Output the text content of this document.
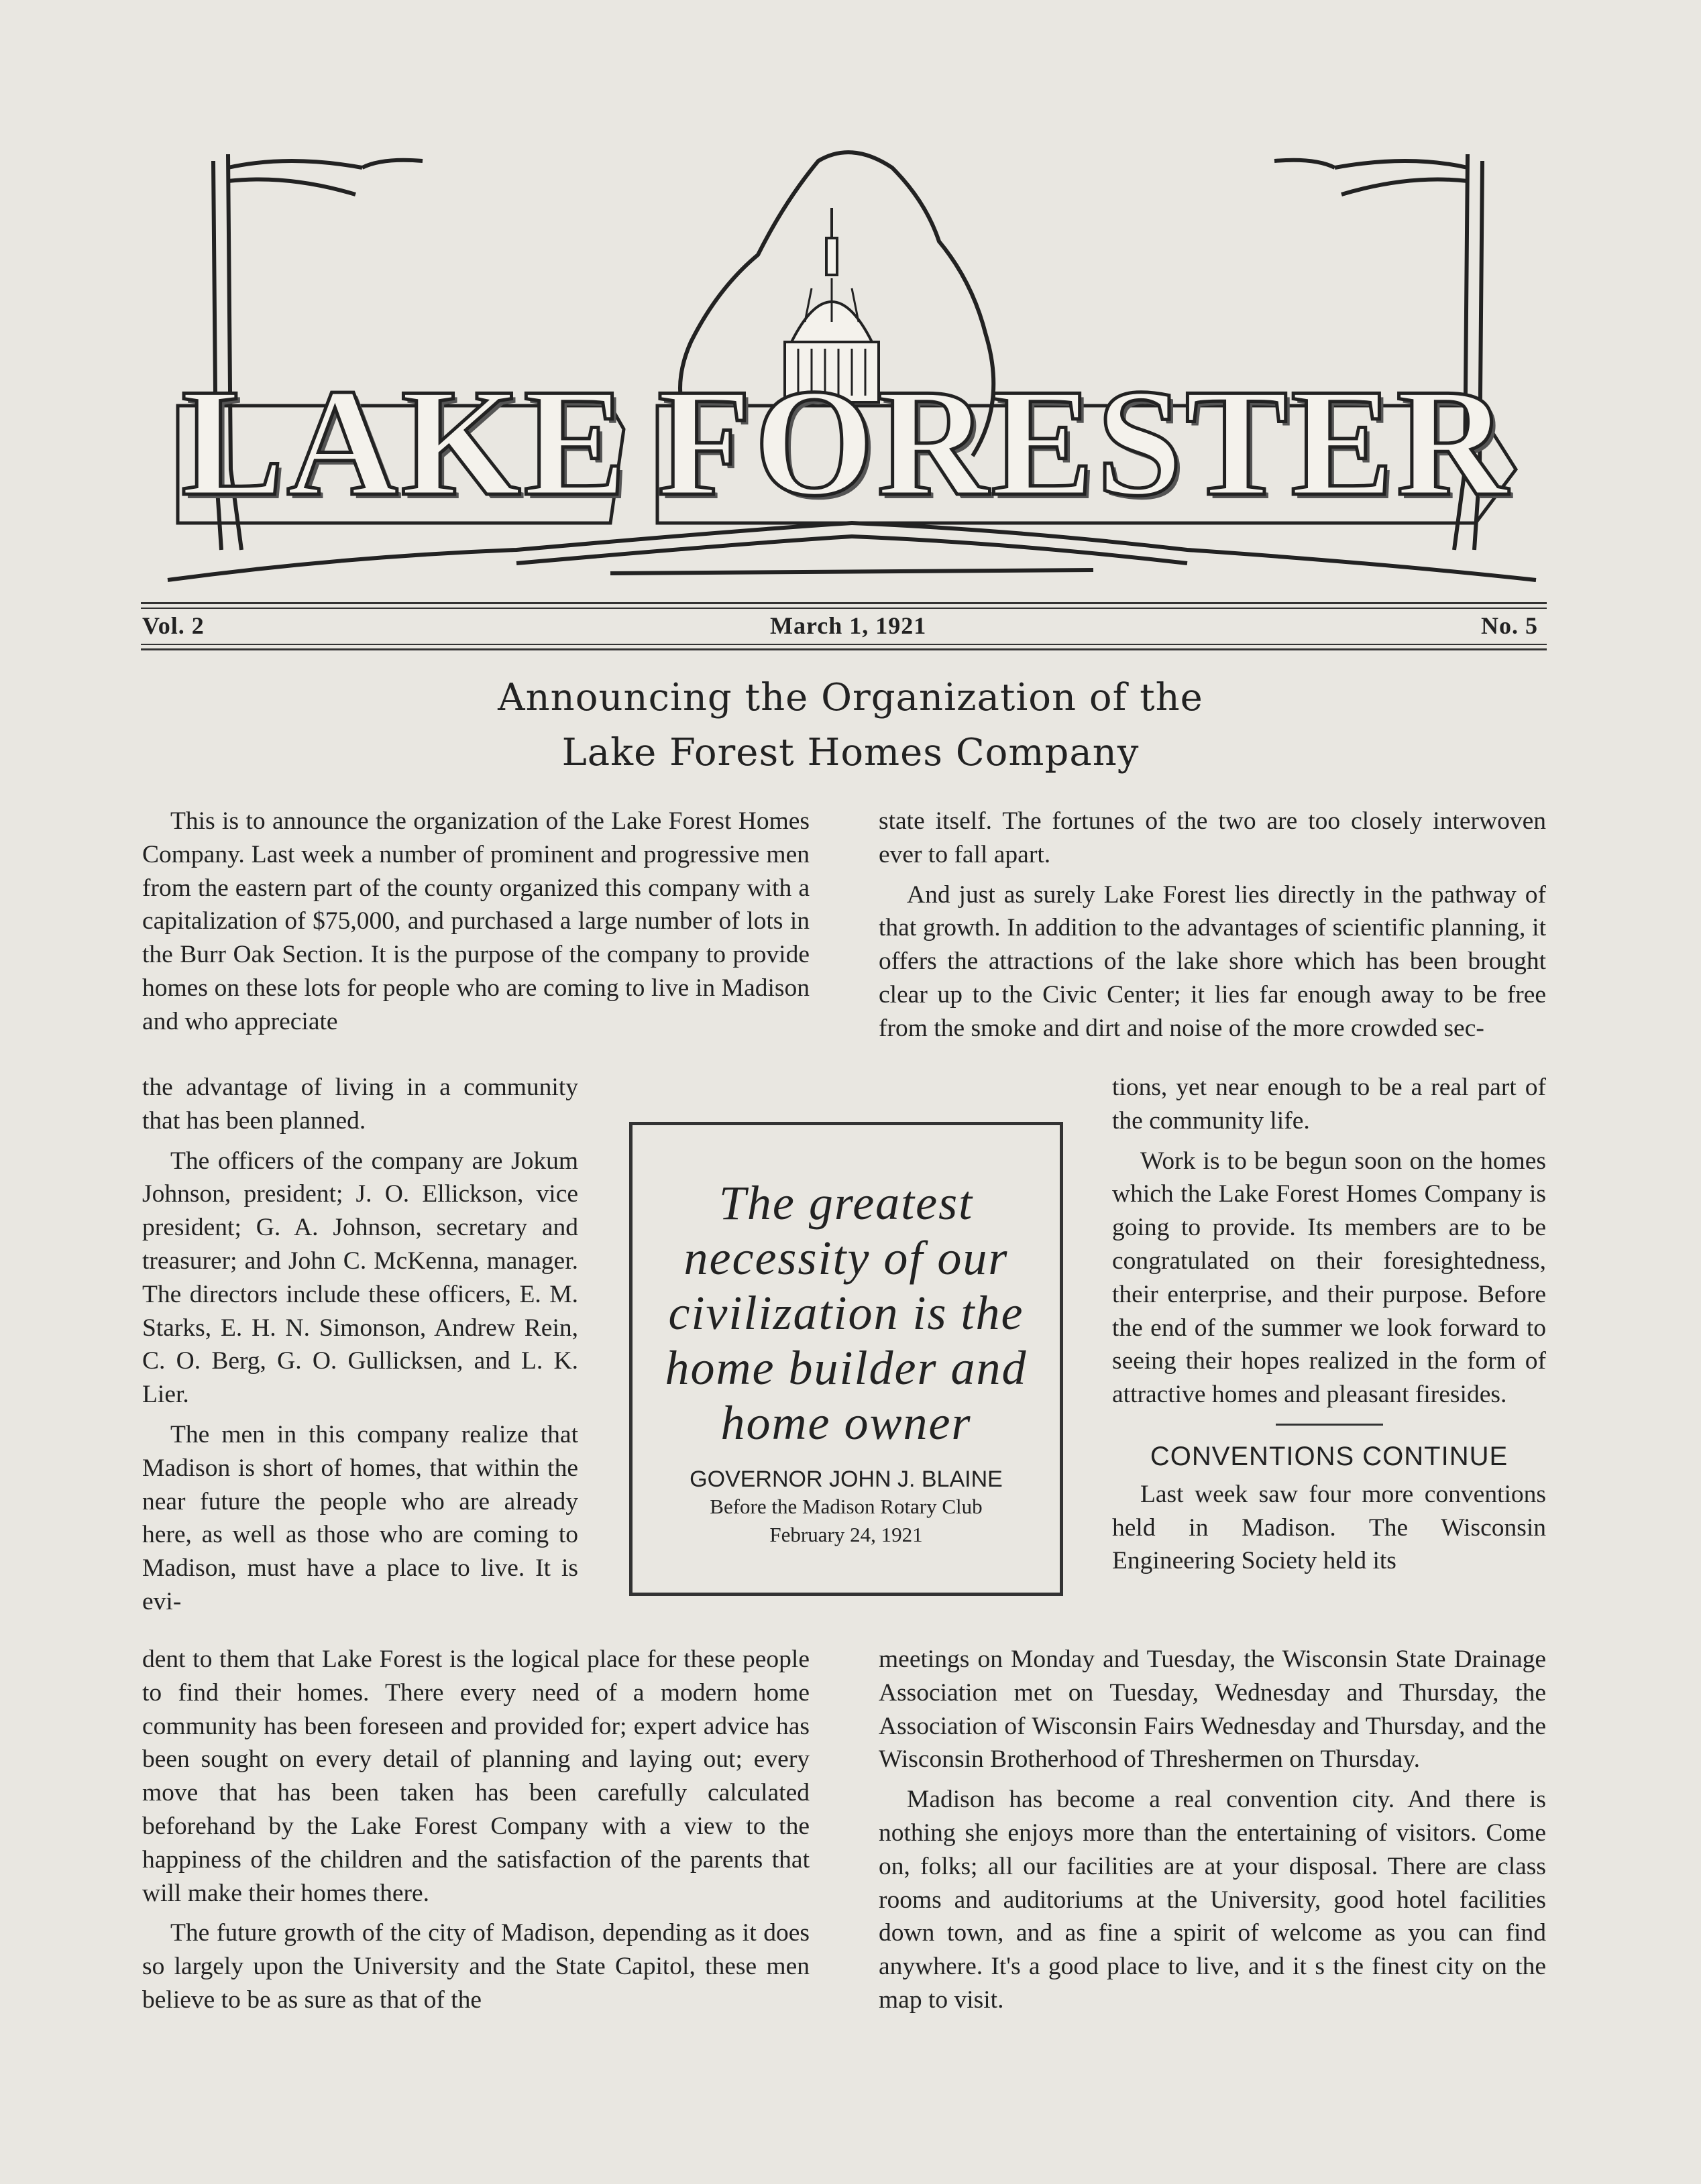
LAKE FORESTER
Vol. 2	March 1, 1921	No. 5
Announcing the Organization of the
Lake Forest Homes Company

This is to announce the organization of the Lake Forest Homes Company. Last week a number of prominent and progressive men from the eastern part of the county organized this company with a capitalization of $75,000, and purchased a large number of lots in the Burr Oak Section. It is the purpose of the company to provide homes on these lots for people who are coming to live in Madison and who appreciate

the advantage of living in a community that has been planned.

The officers of the company are Jokum Johnson, president; J. O. Ellickson, vice president; G. A. Johnson, secretary and treasurer; and John C. McKenna, manager. The directors include these officers, E. M. Starks, E. H. N. Simonson, Andrew Rein, C. O. Berg, G. O. Gullicksen, and L. K. Lier.

The men in this company realize that Madison is short of homes, that within the near future the people who are already here, as well as those who are coming to Madison, must have a place to live. It is evi-

dent to them that Lake Forest is the logical place for these people to find their homes. There every need of a modern home community has been foreseen and provided for; expert advice has been sought on every detail of planning and laying out; every move that has been taken has been carefully calculated beforehand by the Lake Forest Company with a view to the happiness of the children and the satisfaction of the parents that will make their homes there.

The future growth of the city of Madison, depending as it does so largely upon the University and the State Capitol, these men believe to be as sure as that of the

state itself. The fortunes of the two are too closely interwoven ever to fall apart.

And just as surely Lake Forest lies directly in the pathway of that growth. In addition to the advantages of scientific planning, it offers the attractions of the lake shore which has been brought clear up to the Civic Center; it lies far enough away to be free from the smoke and dirt and noise of the more crowded sec-

tions, yet near enough to be a real part of the community life.

Work is to be begun soon on the homes which the Lake Forest Homes Company is going to provide. Its members are to be congratulated on their foresightedness, their enterprise, and their purpose. Before the end of the summer we look forward to seeing their hopes realized in the form of attractive homes and pleasant firesides.

CONVENTIONS CONTINUE

Last week saw four more conventions held in Madison. The Wisconsin Engineering Society held its

meetings on Monday and Tuesday, the Wisconsin State Drainage Association met on Tuesday, Wednesday and Thursday, the Association of Wisconsin Fairs Wednesday and Thursday, and the Wisconsin Brotherhood of Threshermen on Thursday.

Madison has become a real convention city. And there is nothing she enjoys more than the entertaining of visitors. Come on, folks; all our facilities are at your disposal. There are class rooms and auditoriums at the University, good hotel facilities down town, and as fine a spirit of welcome as you can find anywhere. It's a good place to live, and it s the finest city on the map to visit.

The greatest necessity of our civilization is the home builder and home owner
GOVERNOR JOHN J. BLAINE
Before the Madison Rotary Club
February 24, 1921
